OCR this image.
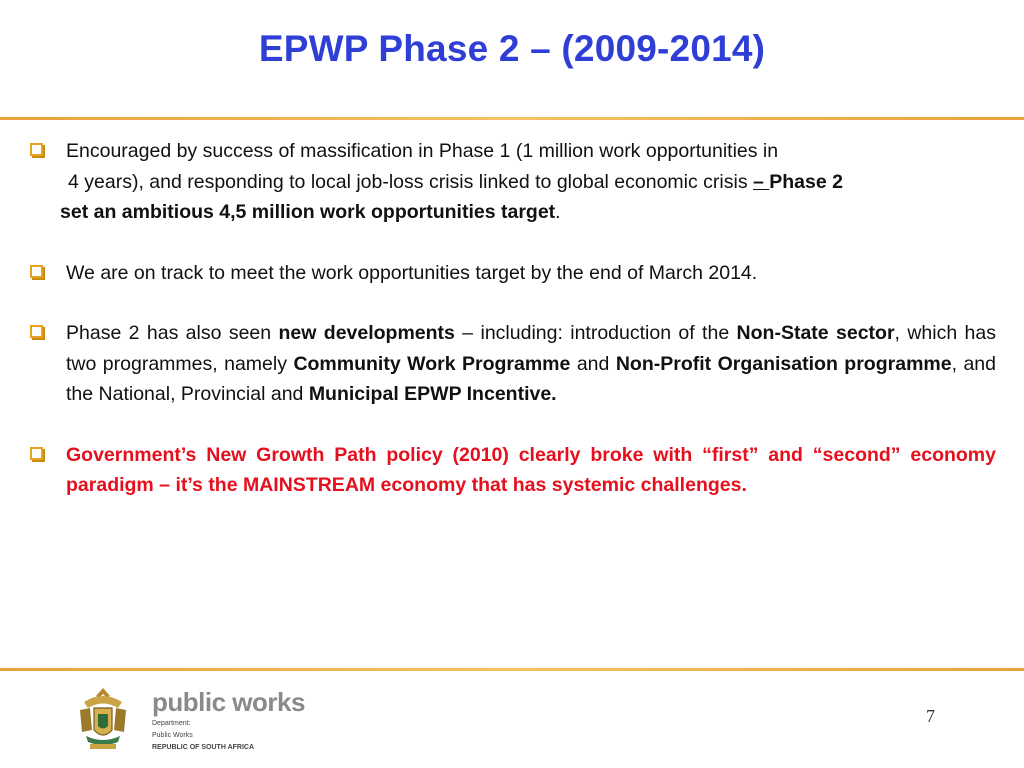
EPWP Phase 2 – (2009-2014)
Encouraged by success of massification in Phase 1 (1 million work opportunities in

4 years), and responding to local job-loss crisis linked to global economic crisis – Phase 2
set an ambitious 4,5 million work opportunities target.
We are on track to meet the work opportunities target by the end of March 2014.
Phase 2 has also seen new developments – including: introduction of the Non-State sector, which has two programmes, namely Community Work Programme and Non-Profit Organisation programme, and the National, Provincial and Municipal EPWP Incentive.
Government’s New Growth Path policy (2010) clearly broke with “first” and “second” economy paradigm – it’s the MAINSTREAM economy that has systemic challenges.
public works
Department:
Public Works
REPUBLIC OF SOUTH AFRICA
7
